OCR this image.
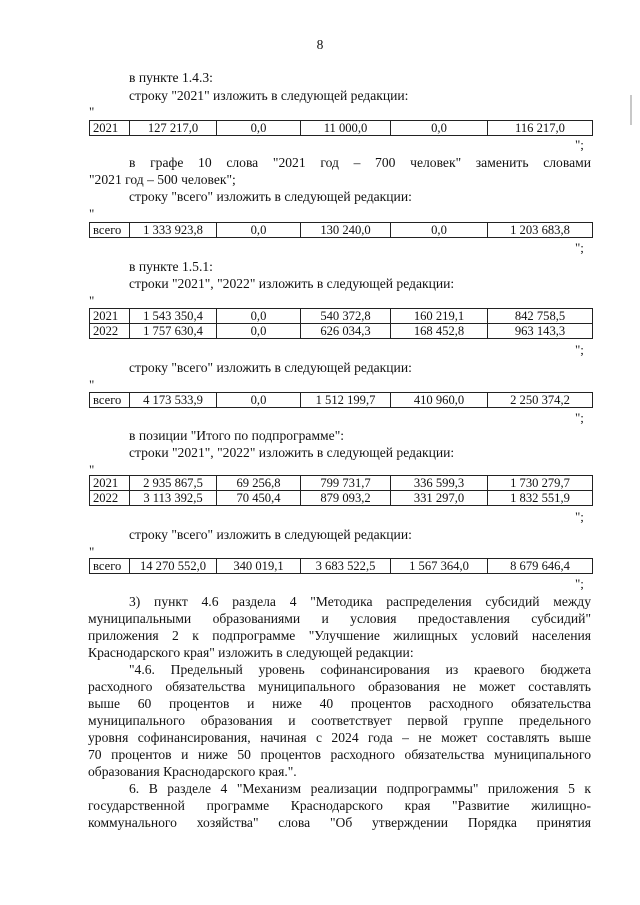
8
в пункте 1.4.3:
строку "2021" изложить в следующей редакции:
"
2021	127 217,0	0,0	11 000,0	0,0	116 217,0
";
в графе 10 слова "2021 год – 700 человек" заменить словами
"2021 год – 500 человек";
строку "всего" изложить в следующей редакции:
"
всего	1 333 923,8	0,0	130 240,0	0,0	1 203 683,8
";
в пункте 1.5.1:
строки "2021", "2022" изложить в следующей редакции:
"
2021	1 543 350,4	0,0	540 372,8	160 219,1	842 758,5
2022	1 757 630,4	0,0	626 034,3	168 452,8	963 143,3
";
строку "всего" изложить в следующей редакции:
"
всего	4 173 533,9	0,0	1 512 199,7	410 960,0	2 250 374,2
";
в позиции "Итого по подпрограмме":
строки "2021", "2022" изложить в следующей редакции:
"
2021	2 935 867,5	69 256,8	799 731,7	336 599,3	1 730 279,7
2022	3 113 392,5	70 450,4	879 093,2	331 297,0	1 832 551,9
";
строку "всего" изложить в следующей редакции:
"
всего	14 270 552,0	340 019,1	3 683 522,5	1 567 364,0	8 679 646,4
";
3) пункт 4.6 раздела 4 "Методика распределения субсидий между
муниципальными образованиями и условия предоставления субсидий"
приложения 2 к подпрограмме "Улучшение жилищных условий населения
Краснодарского края" изложить в следующей редакции:
"4.6. Предельный уровень софинансирования из краевого бюджета
расходного обязательства муниципального образования не может составлять
выше 60 процентов и ниже 40 процентов расходного обязательства
муниципального образования и соответствует первой группе предельного
уровня софинансирования, начиная с 2024 года – не может составлять выше
70 процентов и ниже 50 процентов расходного обязательства муниципального
образования Краснодарского края.".
6. В разделе 4 "Механизм реализации подпрограммы" приложения 5 к
государственной программе Краснодарского края "Развитие жилищно-
коммунального хозяйства" слова "Об утверждении Порядка принятия
